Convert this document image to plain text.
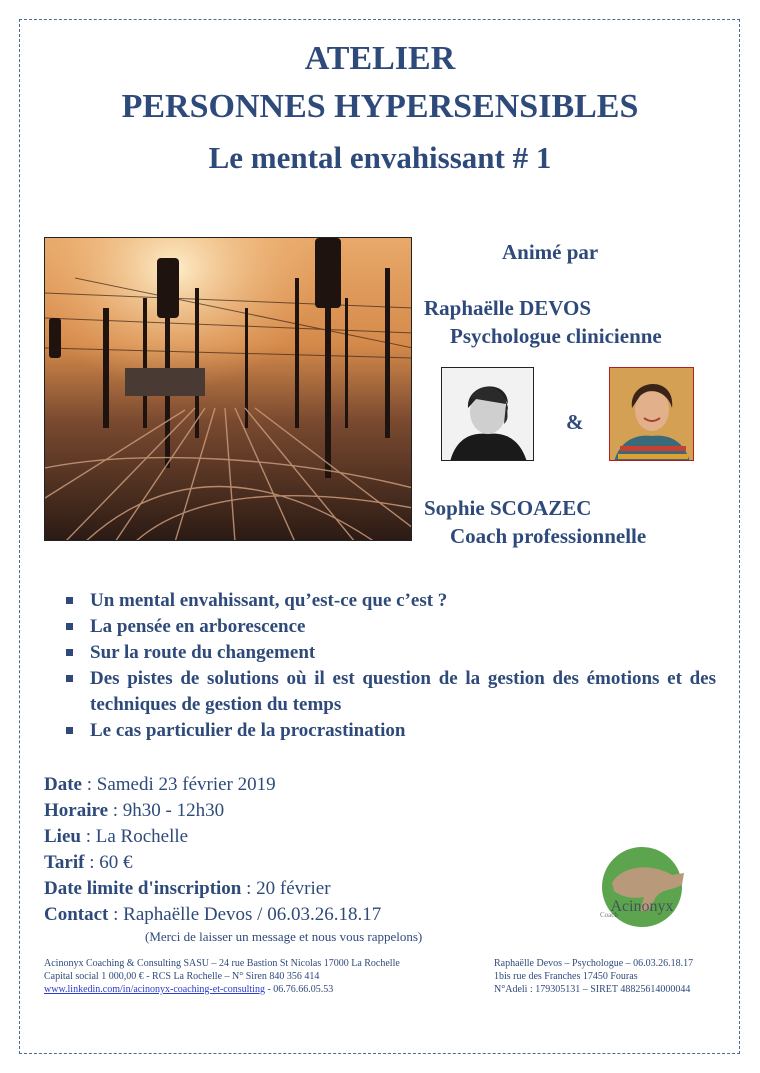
ATELIER
PERSONNES HYPERSENSIBLES
Le mental envahissant # 1
Animé par
Raphaëlle DEVOS
Psychologue clinicienne
&
Sophie SCOAZEC
Coach professionnelle
Un mental envahissant, qu’est-ce que c’est ?
La pensée en arborescence
Sur la route du changement
Des pistes de solutions où il est question de la gestion des émotions et des techniques de gestion du temps
Le cas particulier de la procrastination
Date : Samedi 23 février 2019
Horaire : 9h30 - 12h30
Lieu : La Rochelle
Tarif : 60 €
Date limite d'inscription : 20 février
Contact : Raphaëlle Devos / 06.03.26.18.17
(Merci de laisser un message et nous vous rappelons)
Acinonyx
Coach
Acinonyx Coaching & Consulting SASU – 24 rue Bastion St Nicolas 17000 La Rochelle
Capital social 1 000,00 € - RCS La Rochelle – N° Siren 840 356 414
www.linkedin.com/in/acinonyx-coaching-et-consulting - 06.76.66.05.53
Raphaëlle Devos – Psychologue – 06.03.26.18.17
1bis rue des Franches 17450 Fouras
N°Adeli : 179305131 – SIRET 48825614000044
